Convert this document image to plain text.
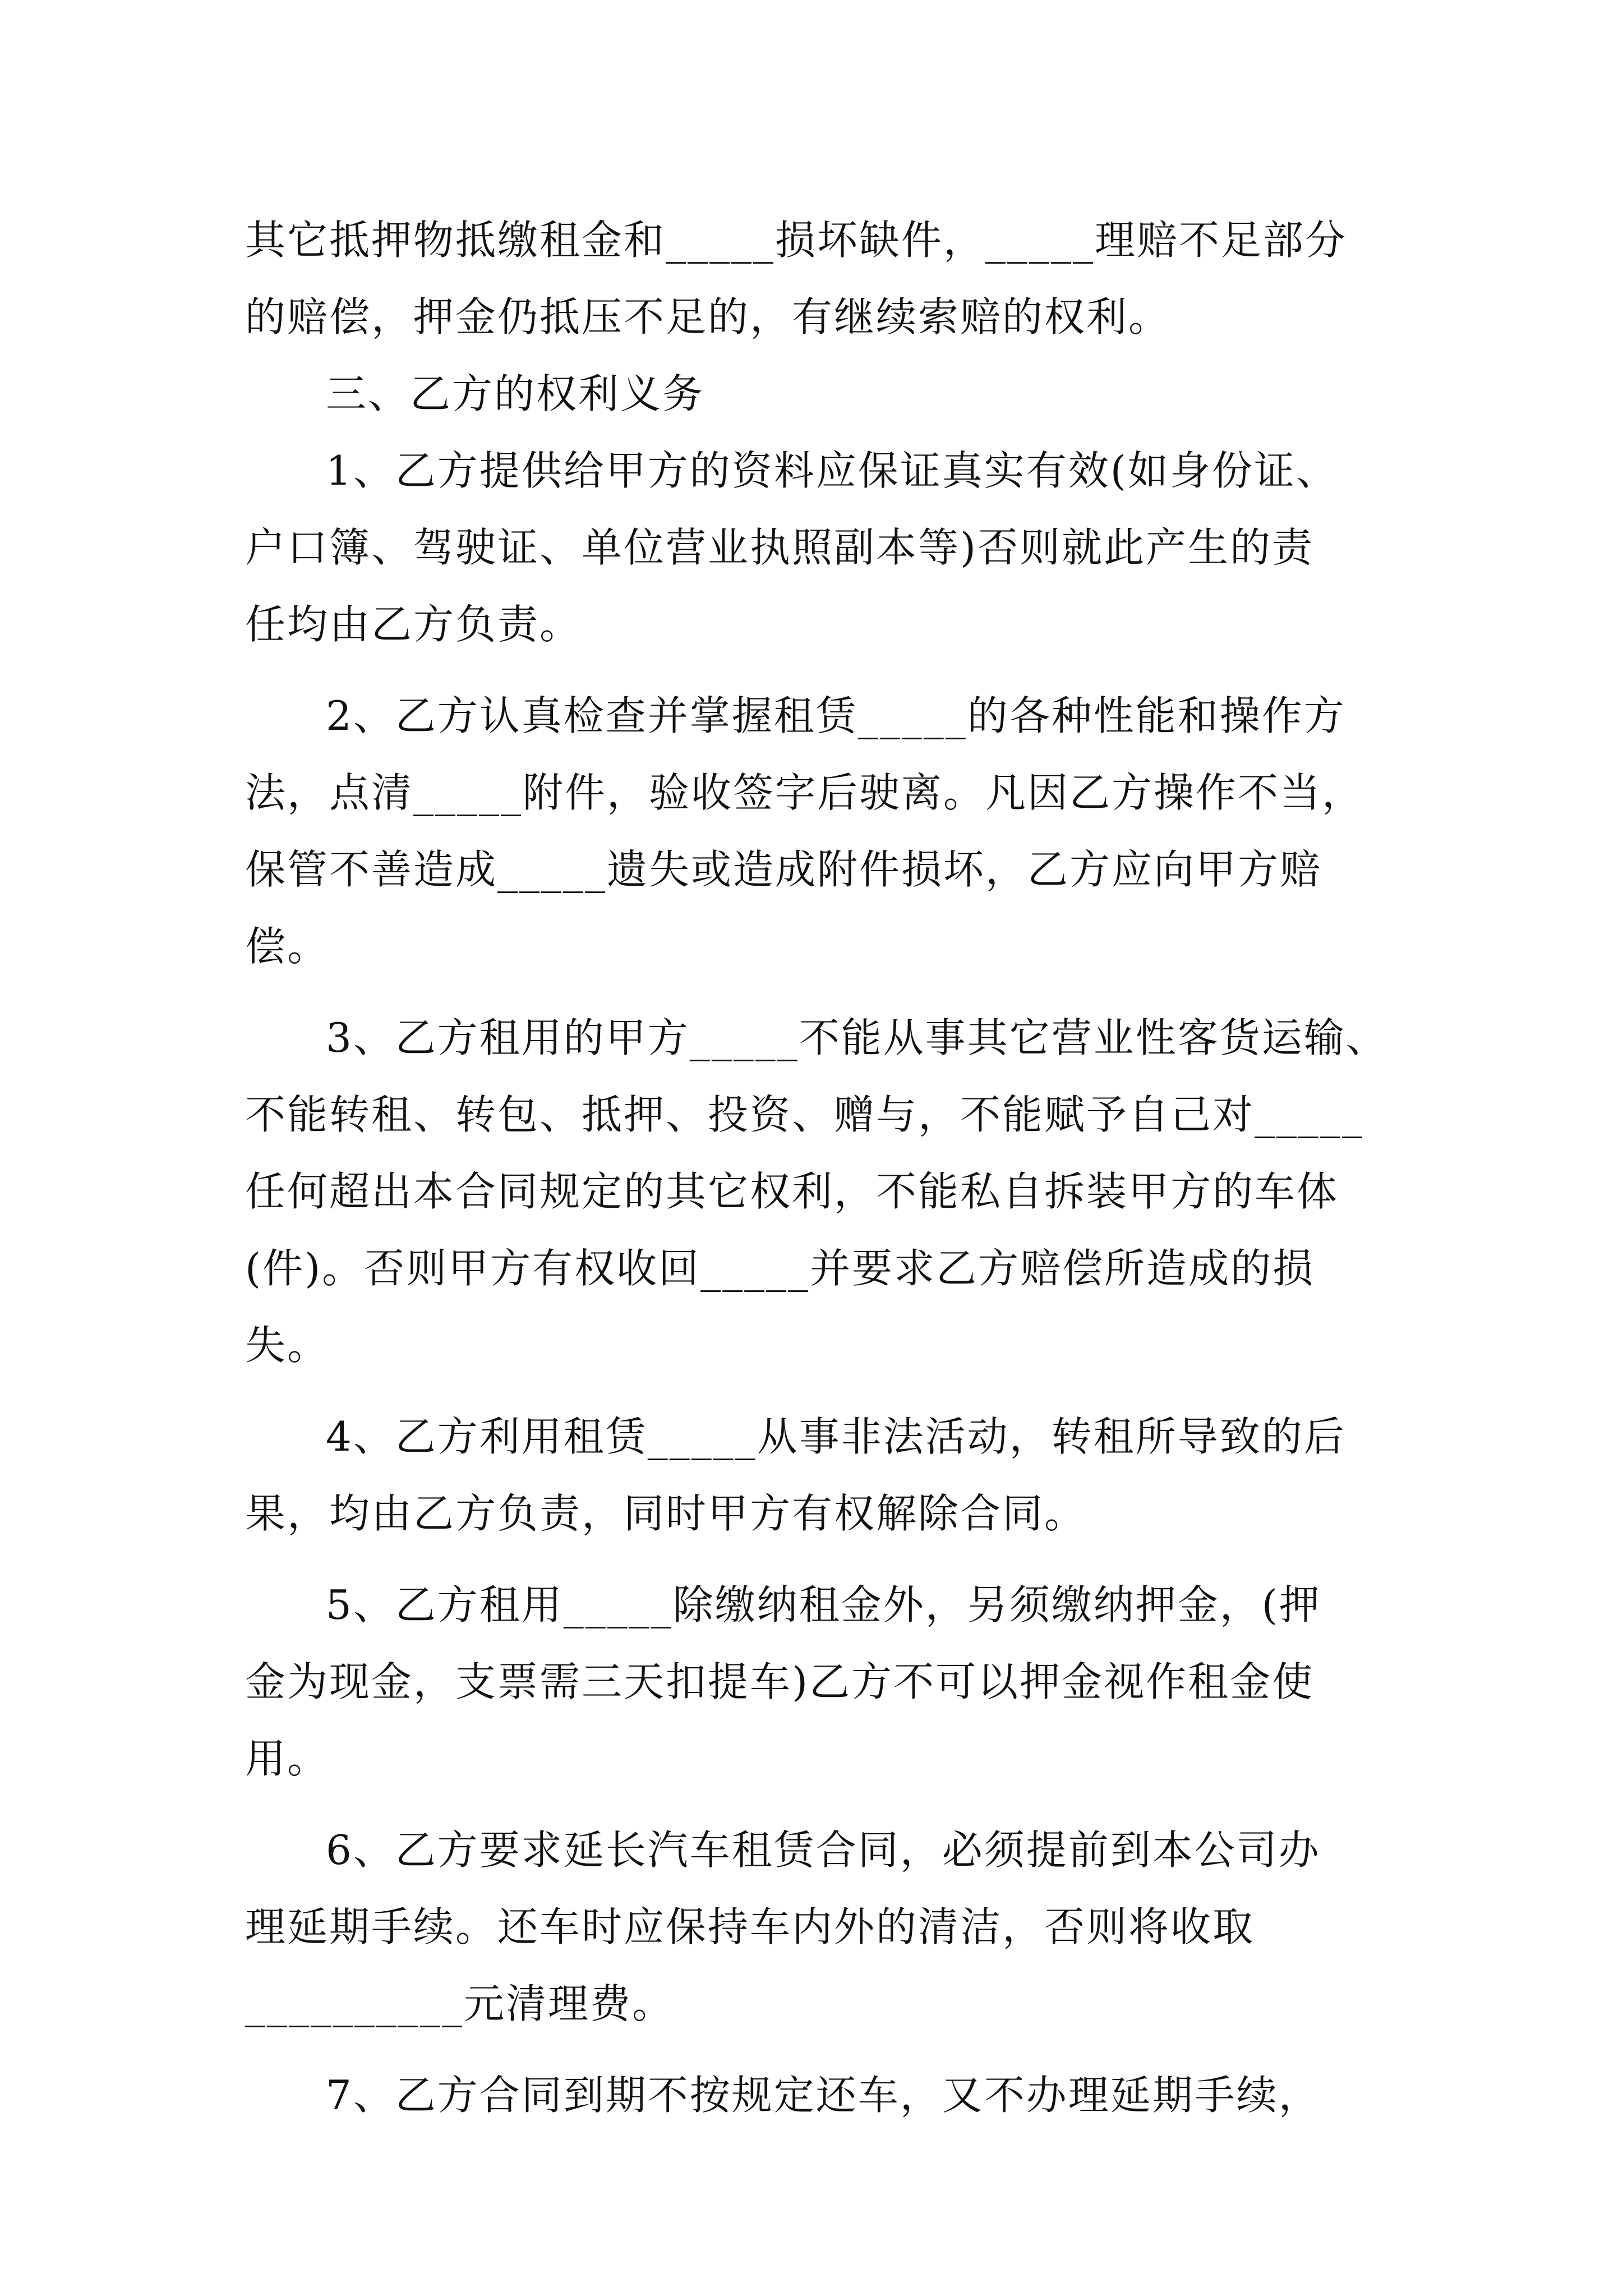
其它抵押物抵缴租金和_____损坏缺件，_____理赔不足部分
的赔偿，押金仍抵压不足的，有继续索赔的权利。
三、乙方的权利义务
1、乙方提供给甲方的资料应保证真实有效(如身份证、
户口簿、驾驶证、单位营业执照副本等)否则就此产生的责
任均由乙方负责。
2、乙方认真检查并掌握租赁_____的各种性能和操作方
法，点清_____附件，验收签字后驶离。凡因乙方操作不当，
保管不善造成_____遗失或造成附件损坏，乙方应向甲方赔
偿。
3、乙方租用的甲方_____不能从事其它营业性客货运输、
不能转租、转包、抵押、投资、赠与，不能赋予自己对_____
任何超出本合同规定的其它权利，不能私自拆装甲方的车体
(件)。否则甲方有权收回_____并要求乙方赔偿所造成的损
失。
4、乙方利用租赁_____从事非法活动，转租所导致的后
果，均由乙方负责，同时甲方有权解除合同。
5、乙方租用_____除缴纳租金外，另须缴纳押金，(押
金为现金，支票需三天扣提车)乙方不可以押金视作租金使
用。
6、乙方要求延长汽车租赁合同，必须提前到本公司办
理延期手续。还车时应保持车内外的清洁，否则将收取
__________元清理费。
7、乙方合同到期不按规定还车，又不办理延期手续，
